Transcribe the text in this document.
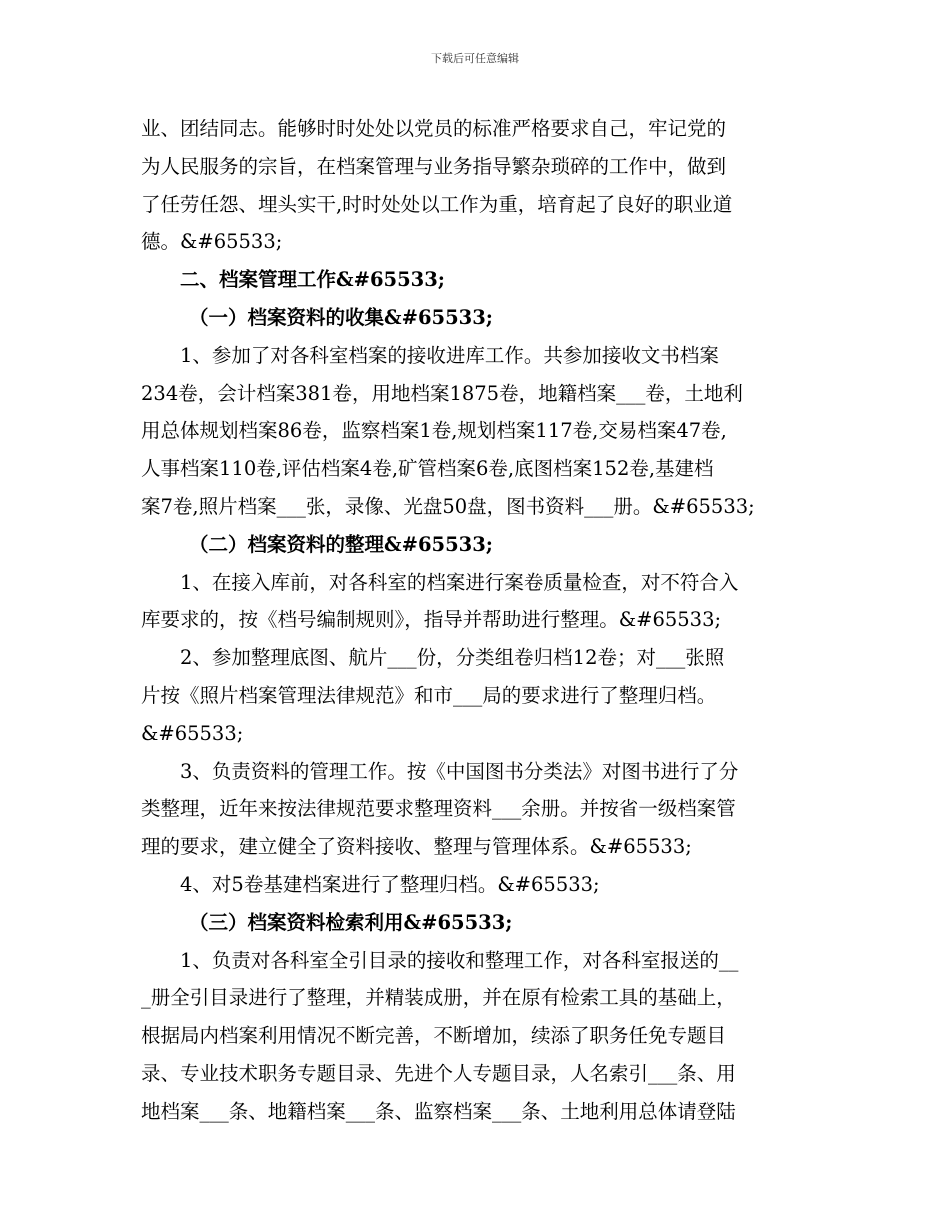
下载后可任意编辑
业、团结同志。能够时时处处以党员的标准严格要求自己，牢记党的
为人民服务的宗旨，在档案管理与业务指导繁杂琐碎的工作中，做到
了任劳任怨、埋头实干,时时处处以工作为重，培育起了良好的职业道
德。&#65533;
二、档案管理工作&#65533;
（一）档案资料的收集&#65533;
1、参加了对各科室档案的接收进库工作。共参加接收文书档案
234卷，会计档案381卷，用地档案1875卷，地籍档案___卷，土地利
用总体规划档案86卷，监察档案1卷,规划档案117卷,交易档案47卷,
人事档案110卷,评估档案4卷,矿管档案6卷,底图档案152卷,基建档
案7卷,照片档案___张，录像、光盘50盘，图书资料___册。&#65533;
（二）档案资料的整理&#65533;
1、在接入库前，对各科室的档案进行案卷质量检查，对不符合入
库要求的，按《档号编制规则》，指导并帮助进行整理。&#65533;
2、参加整理底图、航片___份，分类组卷归档12卷；对___张照
片按《照片档案管理法律规范》和市___局的要求进行了整理归档。
&#65533;
3、负责资料的管理工作。按《中国图书分类法》对图书进行了分
类整理，近年来按法律规范要求整理资料___余册。并按省一级档案管
理的要求，建立健全了资料接收、整理与管理体系。&#65533;
4、对5卷基建档案进行了整理归档。&#65533;
（三）档案资料检索利用&#65533;
1、负责对各科室全引目录的接收和整理工作，对各科室报送的__
_册全引目录进行了整理，并精装成册，并在原有检索工具的基础上，
根据局内档案利用情况不断完善，不断增加，续添了职务任免专题目
录、专业技术职务专题目录、先进个人专题目录，人名索引___条、用
地档案___条、地籍档案___条、监察档案___条、土地利用总体请登陆
